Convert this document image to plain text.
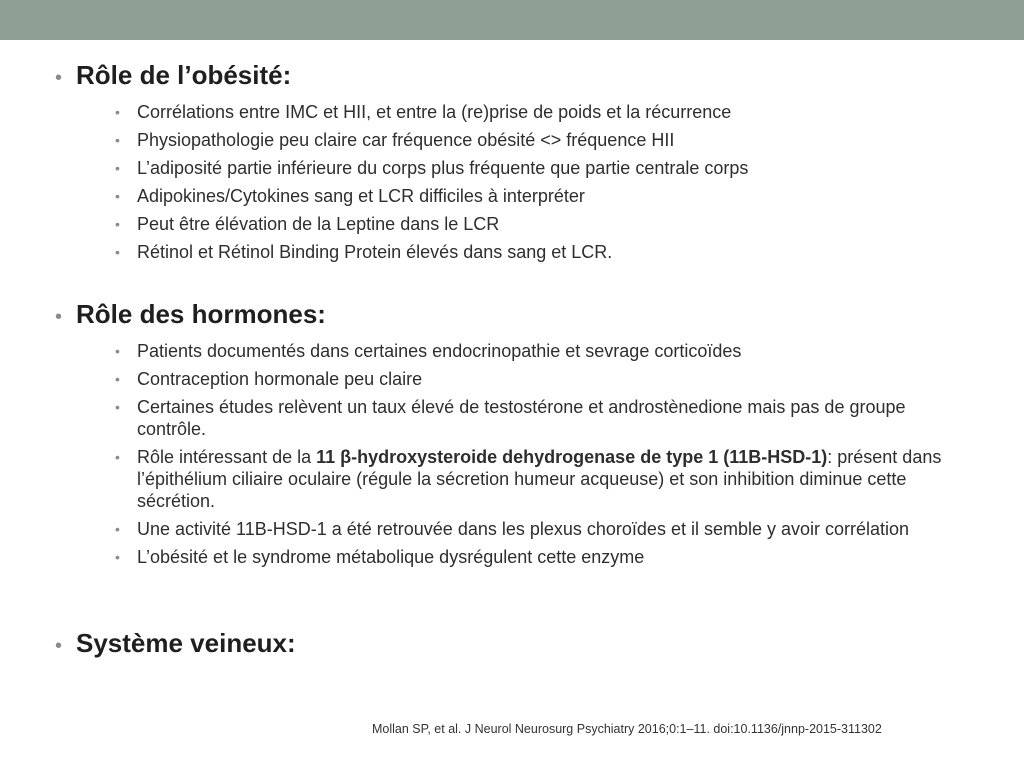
• Rôle de l’obésité:
• Corrélations entre IMC et HII, et entre la (re)prise de poids et la récurrence
• Physiopathologie peu claire car fréquence obésité <> fréquence HII
• L’adiposité partie inférieure du corps plus fréquente que partie centrale corps
• Adipokines/Cytokines sang et LCR difficiles à interpréter
• Peut être élévation de la Leptine dans le LCR
• Rétinol et Rétinol Binding Protein élevés dans sang et LCR.
• Rôle des hormones:
• Patients documentés dans certaines endocrinopathie et sevrage corticoïdes
• Contraception hormonale peu claire
• Certaines études relèvent un taux élevé de testostérone et androstènedione mais pas de groupe contrôle.
• Rôle intéressant de la 11 β-hydroxysteroide dehydrogenase de type 1 (11B-HSD-1): présent dans l’épithélium ciliaire oculaire (régule la sécretion humeur acqueuse) et son inhibition diminue cette sécrétion.
• Une activité 11B-HSD-1 a été retrouvée dans les plexus choroïdes et il semble y avoir corrélation
• L’obésité et le syndrome métabolique dysrégulent cette enzyme
• Système veineux:
Mollan SP, et al. J Neurol Neurosurg Psychiatry 2016;0:1–11. doi:10.1136/jnnp-2015-311302
